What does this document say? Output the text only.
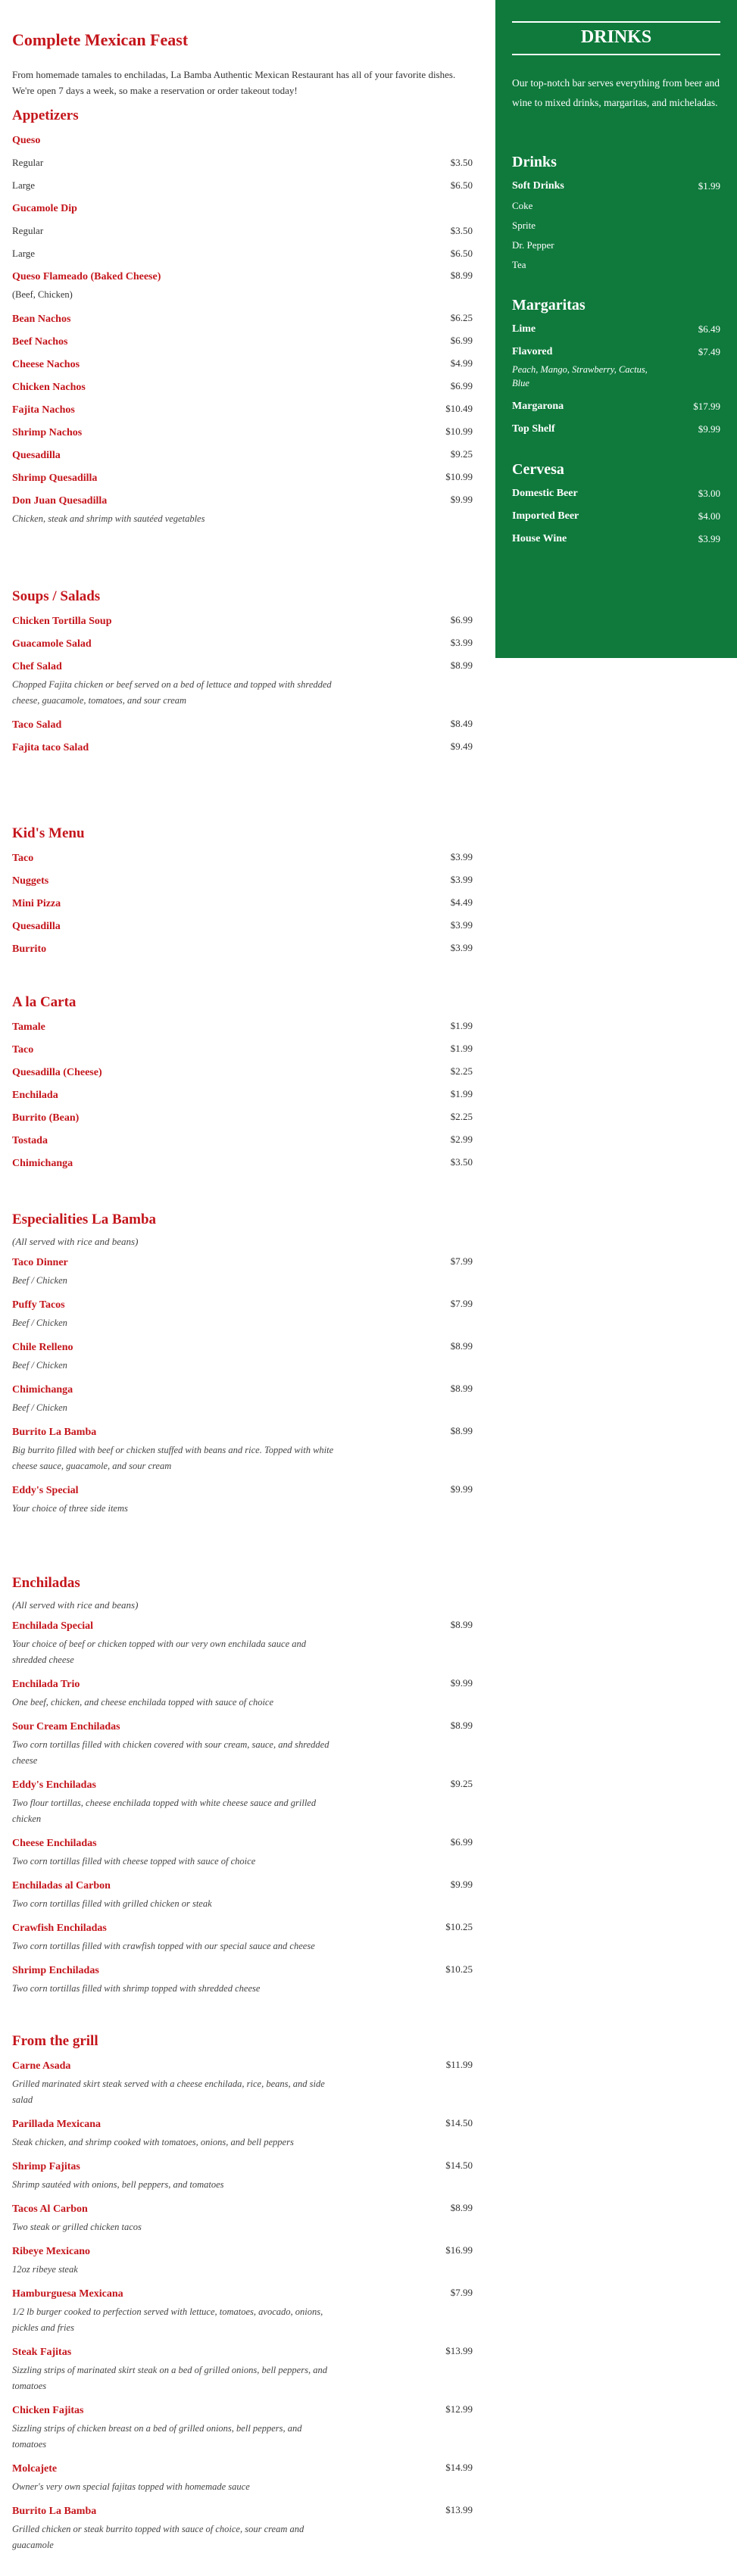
Complete Mexican Feast

From homemade tamales to enchiladas, La Bamba Authentic Mexican Restaurant has all of your favorite dishes. We're open 7 days a week, so make a reservation or order takeout today!

Appetizers
Queso
Regular	$3.50
Large	$6.50
Gucamole Dip
Regular	$3.50
Large	$6.50
Queso Flameado (Baked Cheese)	$8.99
(Beef, Chicken)
Bean Nachos	$6.25
Beef Nachos	$6.99
Cheese Nachos	$4.99
Chicken Nachos	$6.99
Fajita Nachos	$10.49
Shrimp Nachos	$10.99
Quesadilla	$9.25
Shrimp Quesadilla	$10.99
Don Juan Quesadilla	$9.99
Chicken, steak and shrimp with sautéed vegetables
Soups / Salads
Chicken Tortilla Soup	$6.99
Guacamole Salad	$3.99
Chef Salad	$8.99
Chopped Fajita chicken or beef served on a bed of lettuce and topped with shredded cheese, guacamole, tomatoes, and sour cream
Taco Salad	$8.49
Fajita taco Salad	$9.49
Kid's Menu
Taco	$3.99
Nuggets	$3.99
Mini Pizza	$4.49
Quesadilla	$3.99
Burrito	$3.99
A la Carta
Tamale	$1.99
Taco	$1.99
Quesadilla (Cheese)	$2.25
Enchilada	$1.99
Burrito (Bean)	$2.25
Tostada	$2.99
Chimichanga	$3.50
Especialities La Bamba
(All served with rice and beans)
Taco Dinner	$7.99
Beef / Chicken
Puffy Tacos	$7.99
Beef / Chicken
Chile Relleno	$8.99
Beef / Chicken
Chimichanga	$8.99
Beef / Chicken
Burrito La Bamba	$8.99
Big burrito filled with beef or chicken stuffed with beans and rice. Topped with white cheese sauce, guacamole, and sour cream
Eddy's Special	$9.99
Your choice of three side items
Enchiladas
(All served with rice and beans)
Enchilada Special	$8.99
Your choice of beef or chicken topped with our very own enchilada sauce and shredded cheese
Enchilada Trio	$9.99
One beef, chicken, and cheese enchilada topped with sauce of choice
Sour Cream Enchiladas	$8.99
Two corn tortillas filled with chicken covered with sour cream, sauce, and shredded cheese
Eddy's Enchiladas	$9.25
Two flour tortillas, cheese enchilada topped with white cheese sauce and grilled chicken
Cheese Enchiladas	$6.99
Two corn tortillas filled with cheese topped with sauce of choice
Enchiladas al Carbon	$9.99
Two corn tortillas filled with grilled chicken or steak
Crawfish Enchiladas	$10.25
Two corn tortillas filled with crawfish topped with our special sauce and cheese
Shrimp Enchiladas	$10.25
Two corn tortillas filled with shrimp topped with shredded cheese
From the grill
Carne Asada	$11.99
Grilled marinated skirt steak served with a cheese enchilada, rice, beans, and side salad
Parillada Mexicana	$14.50
Steak chicken, and shrimp cooked with tomatoes, onions, and bell peppers
Shrimp Fajitas	$14.50
Shrimp sautéed with onions, bell peppers, and tomatoes
Tacos Al Carbon	$8.99
Two steak or grilled chicken tacos
Ribeye Mexicano	$16.99
12oz ribeye steak
Hamburguesa Mexicana	$7.99
1/2 lb burger cooked to perfection served with lettuce, tomatoes, avocado, onions, pickles and fries
Steak Fajitas	$13.99
Sizzling strips of marinated skirt steak on a bed of grilled onions, bell peppers, and tomatoes
Chicken Fajitas	$12.99
Sizzling strips of chicken breast on a bed of grilled onions, bell peppers, and tomatoes
Molcajete	$14.99
Owner's very own special fajitas topped with homemade sauce
Burrito La Bamba	$13.99
Grilled chicken or steak burrito topped with sauce of choice, sour cream and guacamole
DRINKS

Our top-notch bar serves everything from beer and wine to mixed drinks, margaritas, and micheladas.

Drinks
Soft Drinks	$1.99
Coke
Sprite
Dr. Pepper
Tea
Margaritas
Lime	$6.49
Flavored	$7.49
Peach, Mango, Strawberry, Cactus, Blue
Margarona	$17.99
Top Shelf	$9.99
Cervesa
Domestic Beer	$3.00
Imported Beer	$4.00
House Wine	$3.99
